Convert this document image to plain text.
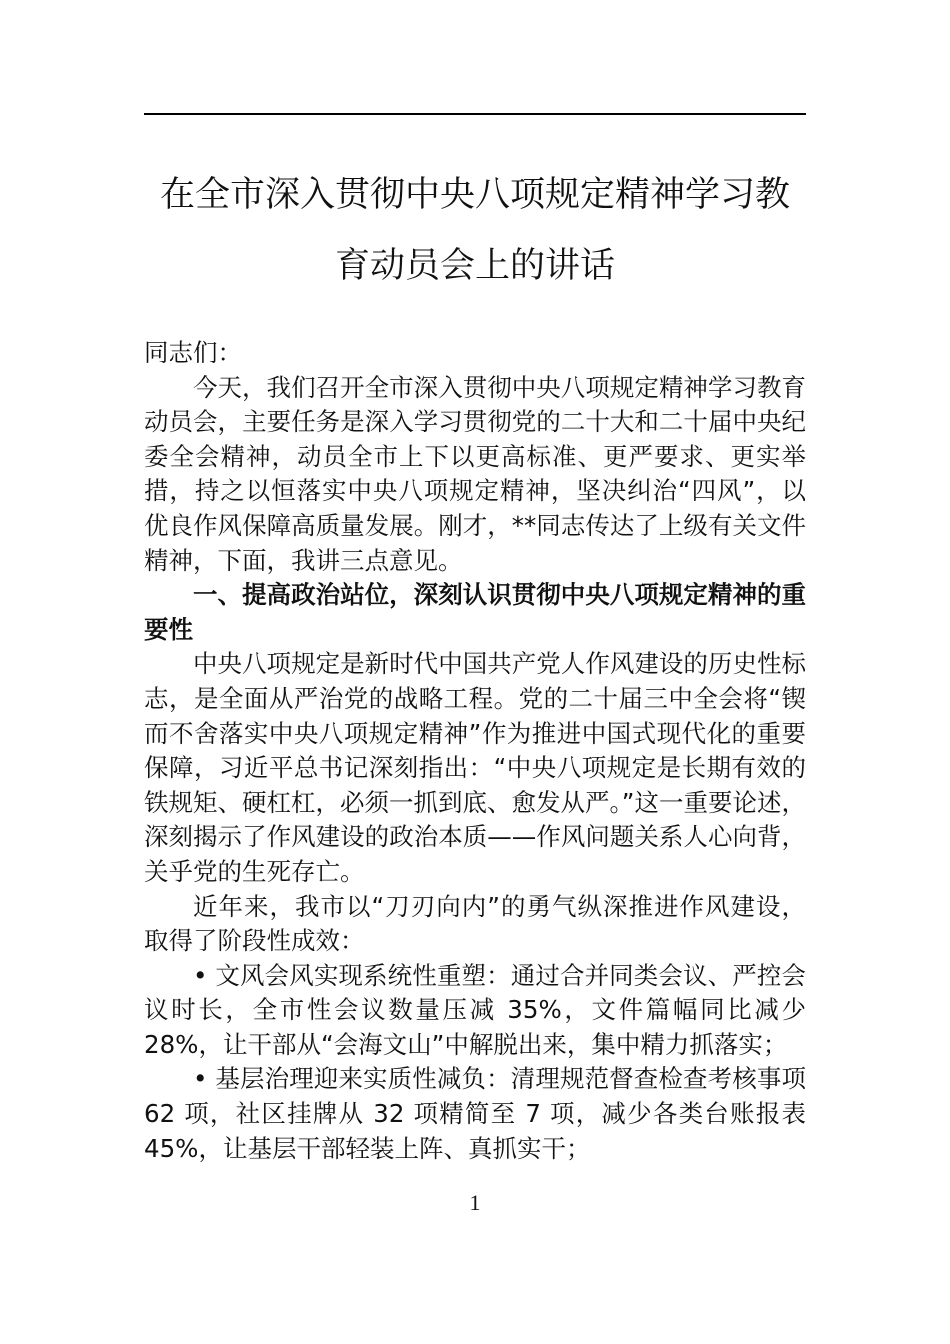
在全市深入贯彻中央八项规定精神学习教育动员会上的讲话

同志们：

今天，我们召开全市深入贯彻中央八项规定精神学习教育动员会，主要任务是深入学习贯彻党的二十大和二十届中央纪委全会精神，动员全市上下以更高标准、更严要求、更实举措，持之以恒落实中央八项规定精神，坚决纠治“四风”，以优良作风保障高质量发展。刚才，**同志传达了上级有关文件精神，下面，我讲三点意见。

一、提高政治站位，深刻认识贯彻中央八项规定精神的重要性

中央八项规定是新时代中国共产党人作风建设的历史性标志，是全面从严治党的战略工程。党的二十届三中全会将“锲而不舍落实中央八项规定精神”作为推进中国式现代化的重要保障，习近平总书记深刻指出：“中央八项规定是长期有效的铁规矩、硬杠杠，必须一抓到底、愈发从严。”这一重要论述，深刻揭示了作风建设的政治本质——作风问题关系人心向背，关乎党的生死存亡。

近年来，我市以“刀刃向内”的勇气纵深推进作风建设，取得了阶段性成效：

• 文风会风实现系统性重塑：通过合并同类会议、严控会议时长，全市性会议数量压减 35%，文件篇幅同比减少 28%，让干部从“会海文山”中解脱出来，集中精力抓落实；

• 基层治理迎来实质性减负：清理规范督查检查考核事项 62 项，社区挂牌从 32 项精简至 7 项，减少各类台账报表 45%，让基层干部轻装上阵、真抓实干；

1
